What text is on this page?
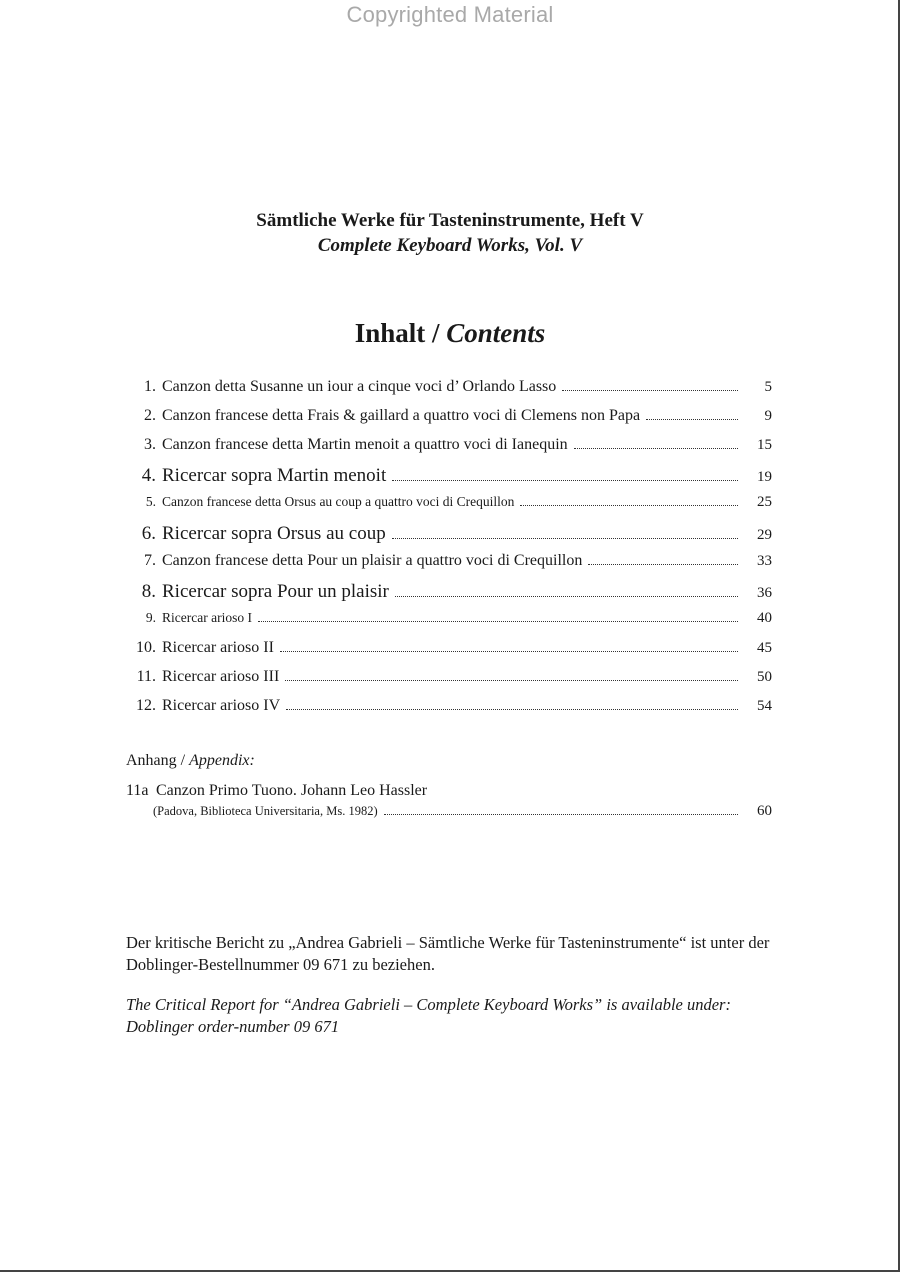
Copyrighted Material
Sämtliche Werke für Tasteninstrumente, Heft V
Complete Keyboard Works, Vol. V
Inhalt / Contents
1. Canzon detta Susanne un iour a cinque voci d’ Orlando Lasso	5
2. Canzon francese detta Frais & gaillard a quattro voci di Clemens non Papa	9
3. Canzon francese detta Martin menoit a quattro voci di Ianequin	15
4. Ricercar sopra Martin menoit	19
5. Canzon francese detta Orsus au coup a quattro voci di Crequillon	25
6. Ricercar sopra Orsus au coup	29
7. Canzon francese detta Pour un plaisir a quattro voci di Crequillon	33
8. Ricercar sopra Pour un plaisir	36
9. Ricercar arioso I	40
10. Ricercar arioso II	45
11. Ricercar arioso III	50
12. Ricercar arioso IV	54
Anhang / Appendix:
11a Canzon Primo Tuono. Johann Leo Hassler
(Padova, Biblioteca Universitaria, Ms. 1982)	60
Der kritische Bericht zu „Andrea Gabrieli – Sämtliche Werke für Tasteninstrumente“ ist unter der Doblinger-Bestellnummer 09 671 zu beziehen.
The Critical Report for “Andrea Gabrieli – Complete Keyboard Works” is available under: Doblinger order-number 09 671
